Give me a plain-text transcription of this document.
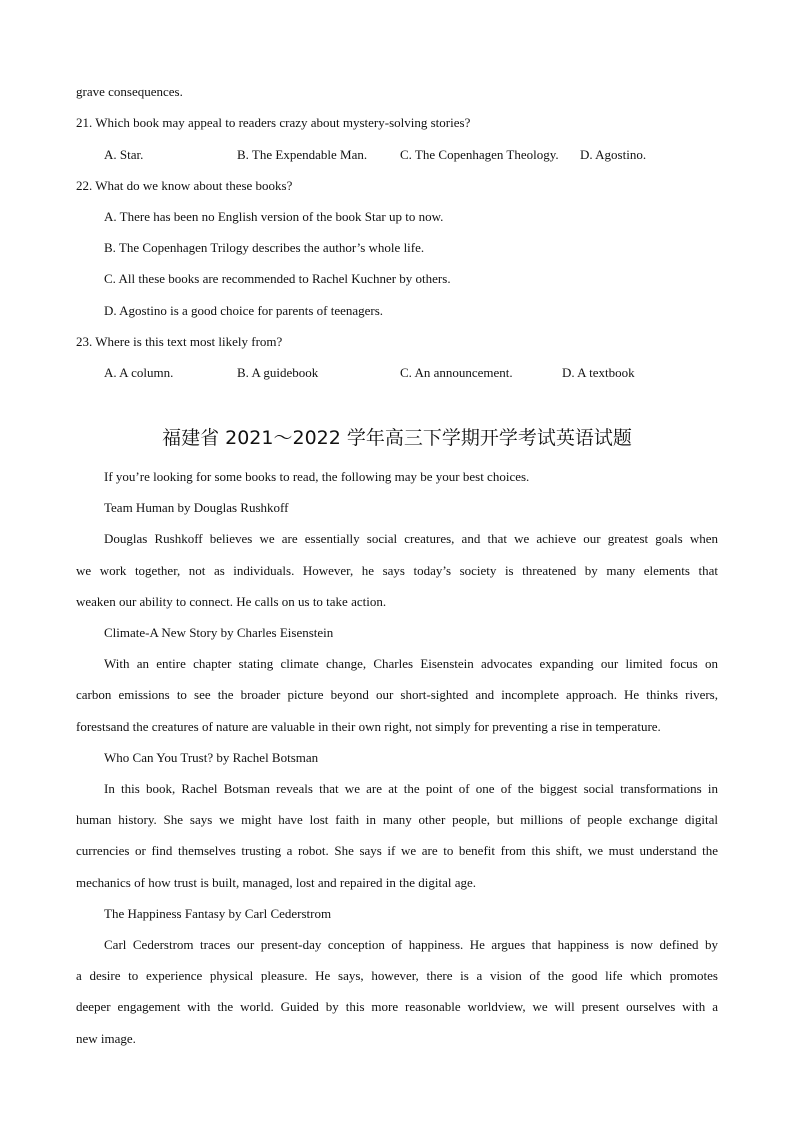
grave consequences.
21. Which book may appeal to readers crazy about mystery-solving stories?
A. Star.	B. The Expendable Man.	C. The Copenhagen Theology. D. Agostino.
22. What do we know about these books?
A. There has been no English version of the book Star up to now.
B. The Copenhagen Trilogy describes the author’s whole life.
C. All these books are recommended to Rachel Kuchner by others.
D. Agostino is a good choice for parents of teenagers.
23. Where is this text most likely from?
A. A column.	B. A guidebook	C. An announcement.	D. A textbook
福建省 2021～2022 学年高三下学期开学考试英语试题
If you’re looking for some books to read, the following may be your best choices.
Team Human by Douglas Rushkoff
Douglas Rushkoff believes we are essentially social creatures, and that we achieve our greatest goals when
we work together, not as individuals. However, he says today’s society is threatened by many elements that
weaken our ability to connect. He calls on us to take action.
Climate-A New Story by Charles Eisenstein
With an entire chapter stating climate change, Charles Eisenstein advocates expanding our limited focus on
carbon emissions to see the broader picture beyond our short-sighted and incomplete approach. He thinks rivers,
forestsand the creatures of nature are valuable in their own right, not simply for preventing a rise in temperature.
Who Can You Trust? by Rachel Botsman
In this book, Rachel Botsman reveals that we are at the point of one of the biggest social transformations in
human history. She says we might have lost faith in many other people, but millions of people exchange digital
currencies or find themselves trusting a robot. She says if we are to benefit from this shift, we must understand the
mechanics of how trust is built, managed, lost and repaired in the digital age.
The Happiness Fantasy by Carl Cederstrom
Carl Cederstrom traces our present-day conception of happiness. He argues that happiness is now defined by
a desire to experience physical pleasure. He says, however, there is a vision of the good life which promotes
deeper engagement with the world. Guided by this more reasonable worldview, we will present ourselves with a
new image.
